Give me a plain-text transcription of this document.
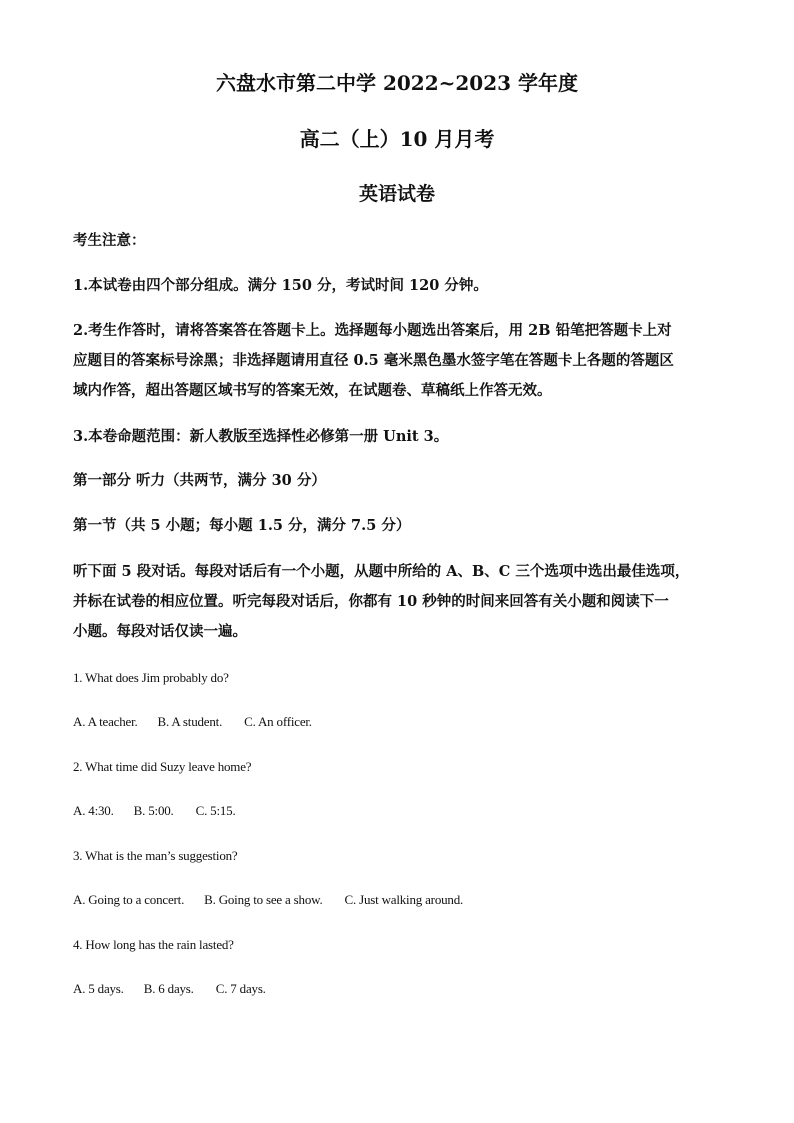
六盘水市第二中学 2022~2023 学年度
高二（上）10 月月考
英语试卷
考生注意：
1.本试卷由四个部分组成。满分 150 分，考试时间 120 分钟。
2.考生作答时，请将答案答在答题卡上。选择题每小题选出答案后，用 2B 铅笔把答题卡上对
应题目的答案标号涂黑；非选择题请用直径 0.5 毫米黑色墨水签字笔在答题卡上各题的答题区
域内作答，超出答题区域书写的答案无效，在试题卷、草稿纸上作答无效。
3.本卷命题范围：新人教版至选择性必修第一册 Unit 3。
第一部分 听力（共两节，满分 30 分）
第一节（共 5 小题；每小题 1.5 分，满分 7.5 分）
听下面 5 段对话。每段对话后有一个小题，从题中所给的 A、B、C 三个选项中选出最佳选项，
并标在试卷的相应位置。听完每段对话后，你都有 10 秒钟的时间来回答有关小题和阅读下一
小题。每段对话仅读一遍。
1. What does Jim probably do?
A. A teacher. B. A student. C. An officer.
2. What time did Suzy leave home?
A. 4:30. B. 5:00. C. 5:15.
3. What is the man’s suggestion?
A. Going to a concert. B. Going to see a show. C. Just walking around.
4. How long has the rain lasted?
A. 5 days. B. 6 days. C. 7 days.
